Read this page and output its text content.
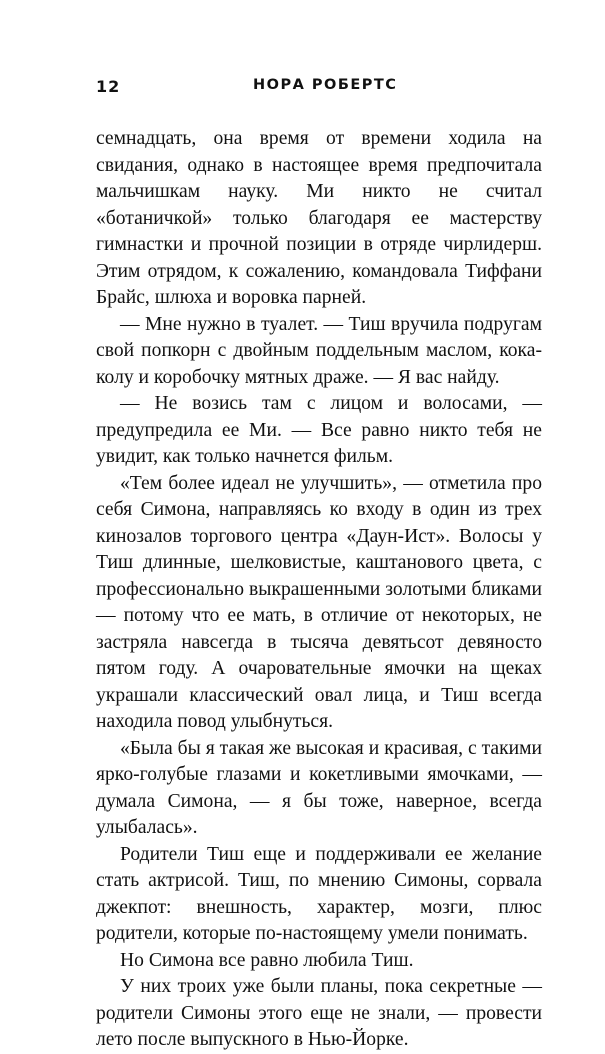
12	НОРА РОБЕРТС

семнадцать, она время от времени ходила на свидания, однако в настоящее время предпочитала мальчишкам науку. Ми никто не считал «ботаничкой» только благодаря ее мастерству гимнастки и прочной позиции в отряде чирлидерш. Этим отрядом, к сожалению, командовала Тиффани Брайс, шлюха и воровка парней.

— Мне нужно в туалет. — Тиш вручила подругам свой попкорн с двойным поддельным маслом, кока-колу и коробочку мятных драже. — Я вас найду.

— Не возись там с лицом и волосами, — предупредила ее Ми. — Все равно никто тебя не увидит, как только начнется фильм.

«Тем более идеал не улучшить», — отметила про себя Симона, направляясь ко входу в один из трех кинозалов торгового центра «Даун-Ист». Волосы у Тиш длинные, шелковистые, каштанового цвета, с профессионально выкрашенными золотыми бликами — потому что ее мать, в отличие от некоторых, не застряла навсегда в тысяча девятьсот девяносто пятом году. А очаровательные ямочки на щеках украшали классический овал лица, и Тиш всегда находила повод улыбнуться.

«Была бы я такая же высокая и красивая, с такими ярко-голубые глазами и кокетливыми ямочками, — думала Симона, — я бы тоже, наверное, всегда улыбалась».

Родители Тиш еще и поддерживали ее желание стать актрисой. Тиш, по мнению Симоны, сорвала джекпот: внешность, характер, мозги, плюс родители, которые по-настоящему умели понимать.

Но Симона все равно любила Тиш.

У них троих уже были планы, пока секретные — родители Симоны этого еще не знали, — провести лето после выпускного в Нью-Йорке.
